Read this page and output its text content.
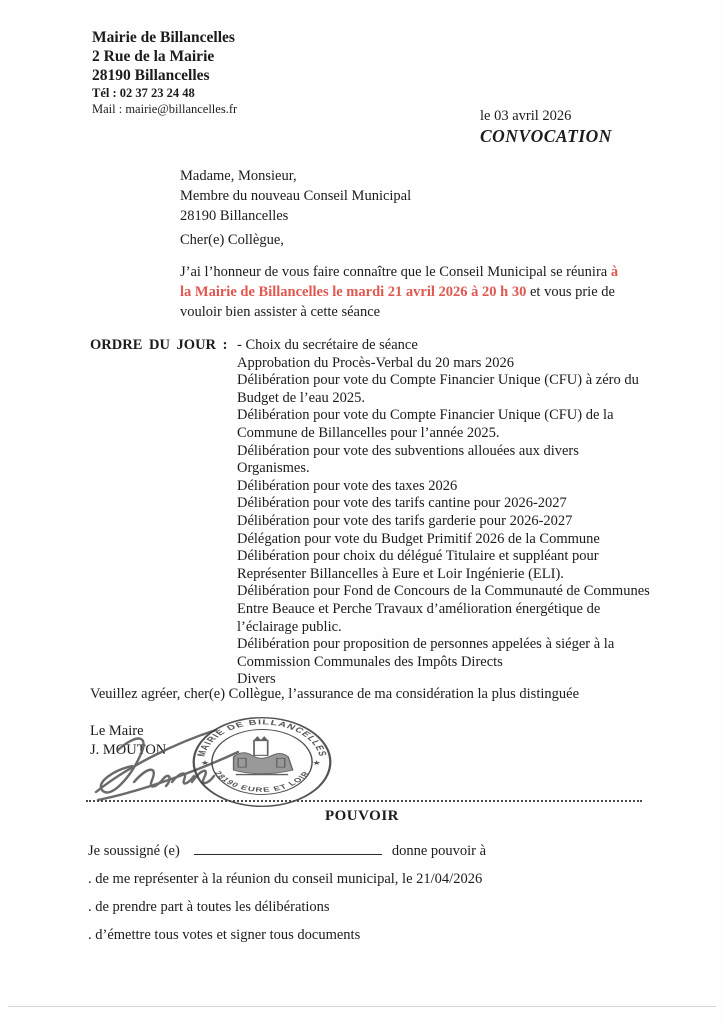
Mairie de Billancelles
2 Rue de la Mairie
28190 Billancelles
Tél : 02 37 23 24 48
Mail : mairie@billancelles.fr	le 03 avril 2026
CONVOCATION
Madame, Monsieur,
Membre du nouveau Conseil Municipal
28190 Billancelles
Cher(e) Collègue,
J’ai l’honneur de vous faire connaître que le Conseil Municipal se réunira à la Mairie de Billancelles le mardi 21 avril 2026 à 20 h 30 et vous prie de vouloir bien assister à cette séance
ORDRE DU JOUR : - Choix du secrétaire de séance
Approbation du Procès-Verbal du 20 mars 2026
Délibération pour vote du Compte Financier Unique (CFU) à zéro du Budget de l’eau 2025.
Délibération pour vote du Compte Financier Unique (CFU) de la Commune de Billancelles pour l’année 2025.
Délibération pour vote des subventions allouées aux divers Organismes.
Délibération pour vote des taxes 2026
Délibération pour vote des tarifs cantine pour 2026-2027
Délibération pour vote des tarifs garderie pour 2026-2027
Délégation pour vote du Budget Primitif 2026 de la Commune
Délibération pour choix du délégué Titulaire et suppléant pour Représenter Billancelles à Eure et Loir Ingénierie (ELI).
Délibération pour Fond de Concours de la Communauté de Communes Entre Beauce et Perche Travaux d’amélioration énergétique de l’éclairage public.
Délibération pour proposition de personnes appelées à siéger à la Commission Communales des Impôts Directs
Divers
Veuillez agréer, cher(e) Collègue, l’assurance de ma considération la plus distinguée
Le Maire
J. MOUTON	MAIRIE DE BILLANCELLES
28190 EURE ET LOIR
★	★
POUVOIR
Je soussigné (e)	donne pouvoir à
. de me représenter à la réunion du conseil municipal, le 21/04/2026
. de prendre part à toutes les délibérations
. d’émettre tous votes et signer tous documents
